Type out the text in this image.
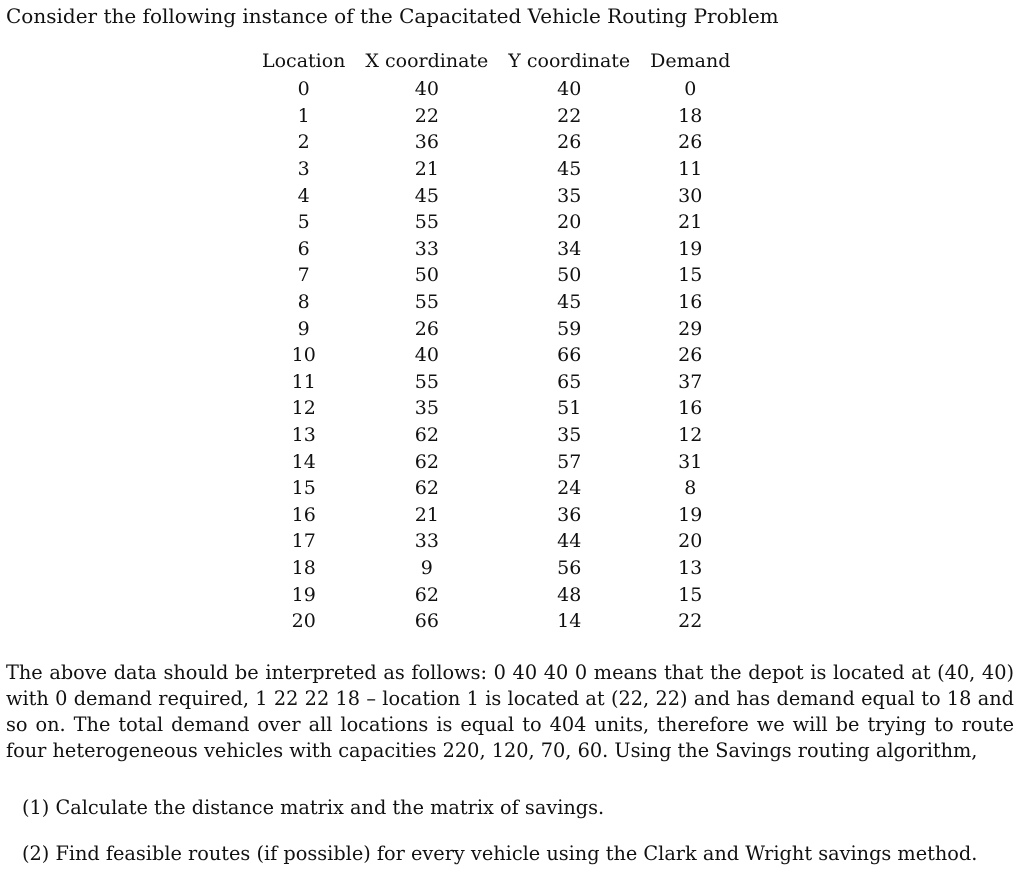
Consider the following instance of the Capacitated Vehicle Routing Problem
Location	X coordinate	Y coordinate	Demand
0	40	40	0
1	22	22	18
2	36	26	26
3	21	45	11
4	45	35	30
5	55	20	21
6	33	34	19
7	50	50	15
8	55	45	16
9	26	59	29
10	40	66	26
11	55	65	37
12	35	51	16
13	62	35	12
14	62	57	31
15	62	24	8
16	21	36	19
17	33	44	20
18	9	56	13
19	62	48	15
20	66	14	22
The above data should be interpreted as follows: 0 40 40 0 means that the depot is located at (40, 40) with 0 demand required, 1 22 22 18 – location 1 is located at (22, 22) and has demand equal to 18 and so on. The total demand over all locations is equal to 404 units, therefore we will be trying to route four heterogeneous vehicles with capacities 220, 120, 70, 60. Using the Savings routing algorithm,
(1) Calculate the distance matrix and the matrix of savings.
(2) Find feasible routes (if possible) for every vehicle using the Clark and Wright savings method.
